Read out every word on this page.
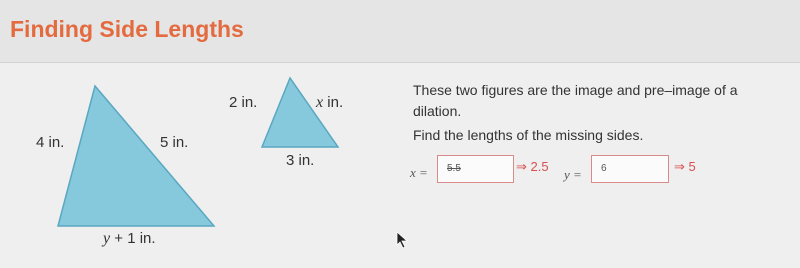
Finding Side Lengths
4 in.	5 in.
y + 1 in.
2 in.	x in.
3 in.
These two figures are the image and pre–image of a dilation.
Find the lengths of the missing sides.
x =	5.5	⇒ 2.5
y =	6	⇒ 5
